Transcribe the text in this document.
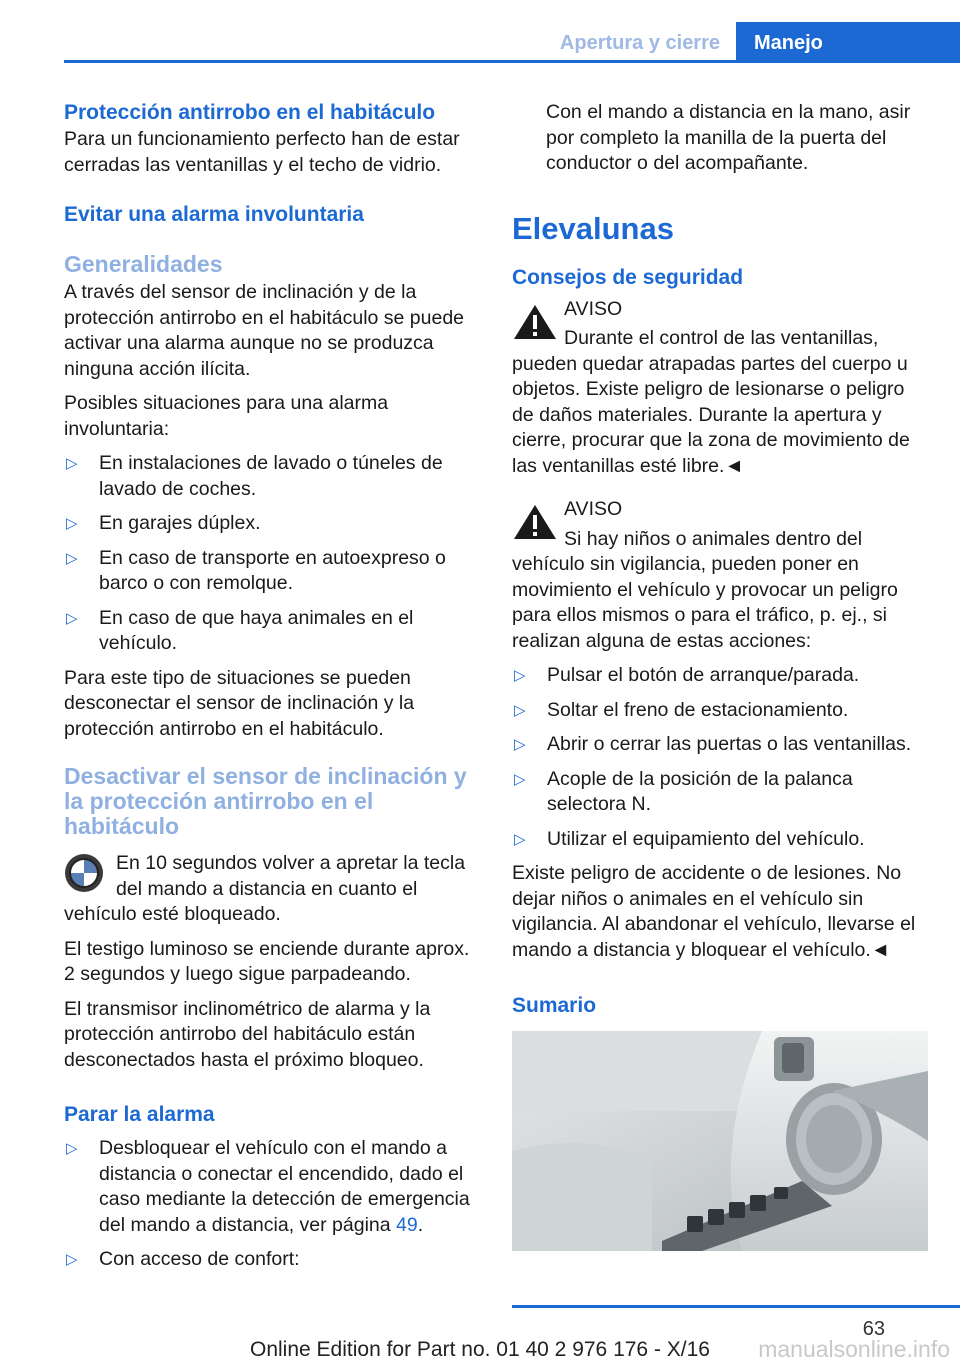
Apertura y cierre	Manejo
Protección antirrobo en el habitáculo

Para un funcionamiento perfecto han de estar cerradas las ventanillas y el techo de vidrio.

Evitar una alarma involuntaria
Generalidades

A través del sensor de inclinación y de la protección antirrobo en el habitáculo se puede activar una alarma aunque no se produzca ninguna acción ilícita.

Posibles situaciones para una alarma involuntaria:

▷ En instalaciones de lavado o túneles de lavado de coches.
▷ En garajes dúplex.
▷ En caso de transporte en autoexpreso o barco o con remolque.
▷ En caso de que haya animales en el vehículo.

Para este tipo de situaciones se pueden desconectar el sensor de inclinación y la protección antirrobo en el habitáculo.

Desactivar el sensor de inclinación y la protección antirrobo en el habitáculo

En 10 segundos volver a apretar la tecla del mando a distancia en cuanto el vehículo esté bloqueado.

El testigo luminoso se enciende durante aprox. 2 segundos y luego sigue parpadeando.

El transmisor inclinométrico de alarma y la protección antirrobo del habitáculo están desconectados hasta el próximo bloqueo.

Parar la alarma
▷ Desbloquear el vehículo con el mando a distancia o conectar el encendido, dado el caso mediante la detección de emergencia del mando a distancia, ver página 49.
▷ Con acceso de confort:

Con el mando a distancia en la mano, asir por completo la manilla de la puerta del conductor o del acompañante.

Elevalunas
Consejos de seguridad
AVISO

Durante el control de las ventanillas, pueden quedar atrapadas partes del cuerpo u objetos. Existe peligro de lesionarse o peligro de daños materiales. Durante la apertura y cierre, procurar que la zona de movimiento de las ventanillas esté libre.◄

AVISO

Si hay niños o animales dentro del vehículo sin vigilancia, pueden poner en movimiento el vehículo y provocar un peligro para ellos mismos o para el tráfico, p. ej., si realizan alguna de estas acciones:

▷ Pulsar el botón de arranque/parada.
▷ Soltar el freno de estacionamiento.
▷ Abrir o cerrar las puertas o las ventanillas.
▷ Acople de la posición de la palanca selectora N.
▷ Utilizar el equipamiento del vehículo.

Existe peligro de accidente o de lesiones. No dejar niños o animales en el vehículo sin vigilancia. Al abandonar el vehículo, llevarse el mando a distancia y bloquear el vehículo.◄

Sumario
63
Online Edition for Part no. 01 40 2 976 176 - X/16	manualsonline.info
